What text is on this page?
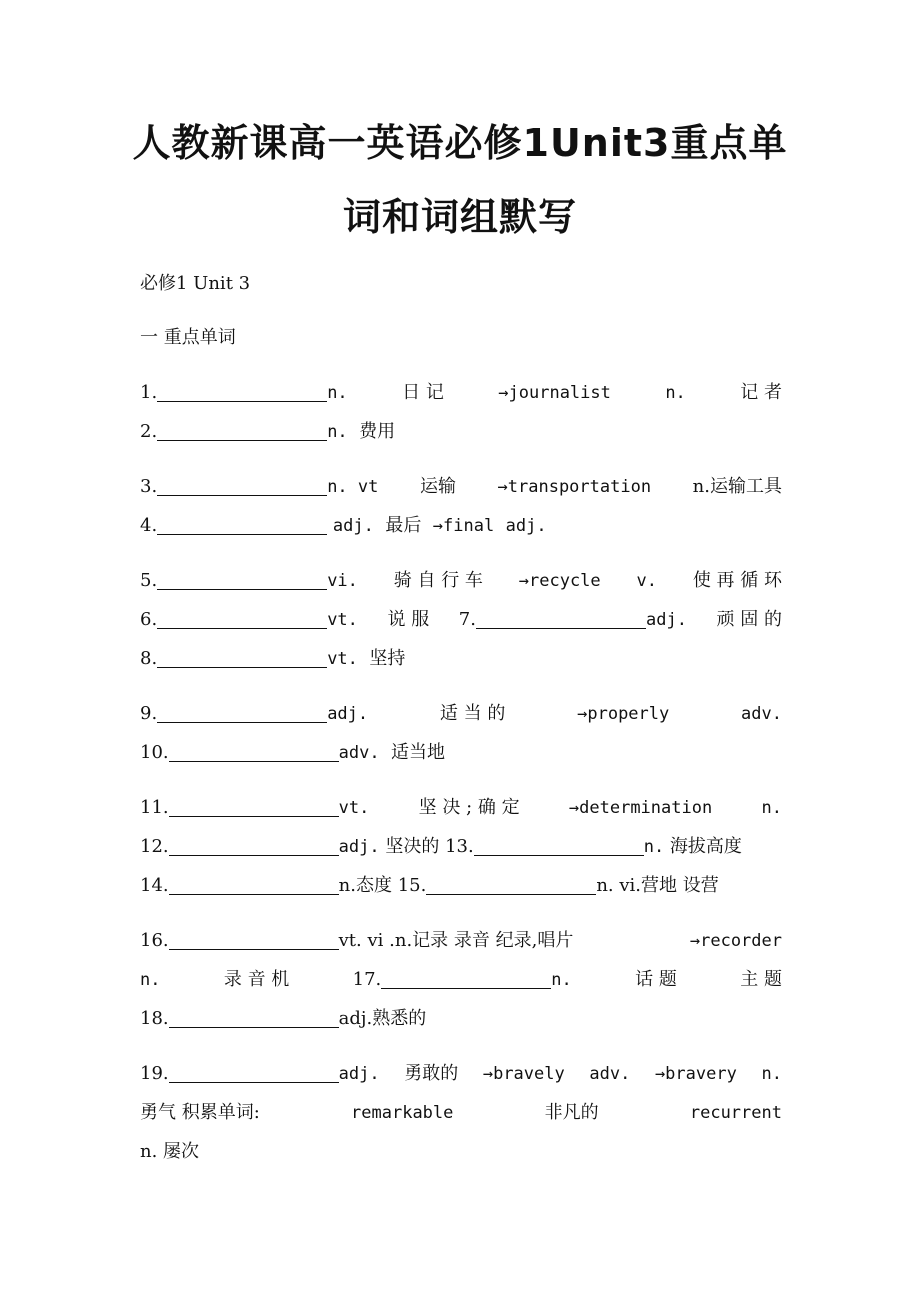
人教新课高一英语必修1Unit3重点单
词和词组默写
必修1 Unit 3
一 重点单词
1.	n.	日 记	→journalist	n.	记 者
2.	n. 费用
3.	n. vt 运输 →transportation n.运输工具
4.	adj. 最后 →final adj.
5.	vi. 骑 自 行 车 →recycle v. 使 再 循 环
6.	vt. 说 服 7.	adj. 顽 固 的
8.	vt. 坚持
9.	adj.	适 当 的	→properly	adv.
10.	adv. 适当地
11.	vt.	坚 决 ; 确 定	→determination	n.
12.	adj. 坚决的 13.	n. 海拔高度
14.	n.态度 15.	n. vi.营地 设营
16.	vt. vi .n.记录 录音 纪录,唱片	→recorder
n.	录 音 机	17.	n.	话 题	主 题
18.	adj.熟悉的
19.	adj. 勇敢的 →bravely adv. →bravery n.
勇气 积累单词:	remarkable	非凡的	recurrent
n. 屡次
